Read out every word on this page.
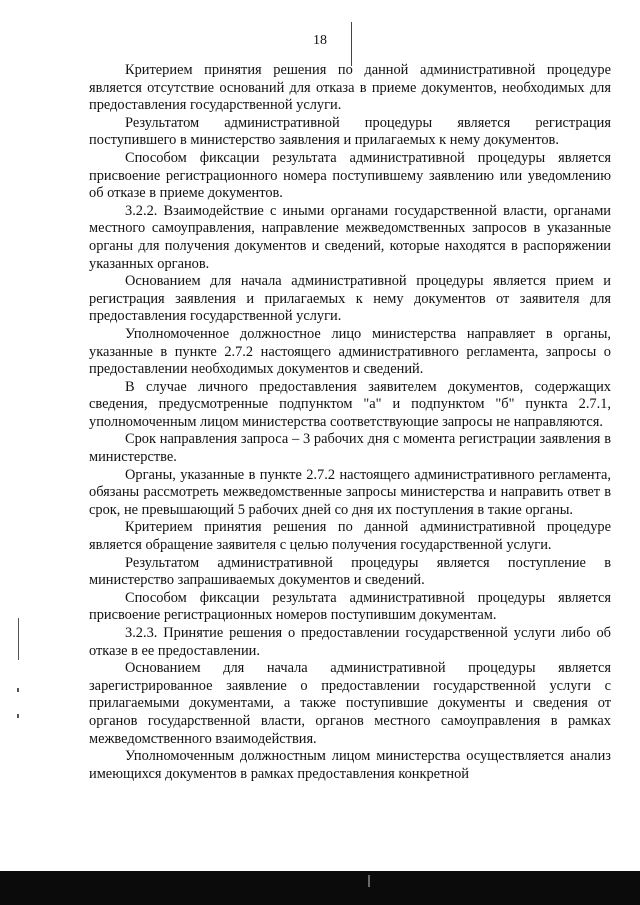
18

Критерием принятия решения по данной административной процедуре является отсутствие оснований для отказа в приеме документов, необходимых для предоставления государственной услуги.

Результатом административной процедуры является регистрация поступившего в министерство заявления и прилагаемых к нему документов.

Способом фиксации результата административной процедуры является присвоение регистрационного номера поступившему заявлению или уведомлению об отказе в приеме документов.

3.2.2. Взаимодействие с иными органами государственной власти, органами местного самоуправления, направление межведомственных запросов в указанные органы для получения документов и сведений, которые находятся в распоряжении указанных органов.

Основанием для начала административной процедуры является прием и регистрация заявления и прилагаемых к нему документов от заявителя для предоставления государственной услуги.

Уполномоченное должностное лицо министерства направляет в органы, указанные в пункте 2.7.2 настоящего административного регламента, запросы о предоставлении необходимых документов и сведений.

В случае личного предоставления заявителем документов, содержащих сведения, предусмотренные подпунктом "а" и подпунктом "б" пункта 2.7.1, уполномоченным лицом министерства соответствующие запросы не направляются.

Срок направления запроса – 3 рабочих дня с момента регистрации заявления в министерстве.

Органы, указанные в пункте 2.7.2 настоящего административного регламента, обязаны рассмотреть межведомственные запросы министерства и направить ответ в срок, не превышающий 5 рабочих дней со дня их поступления в такие органы.

Критерием принятия решения по данной административной процедуре является обращение заявителя с целью получения государственной услуги.

Результатом административной процедуры является поступление в министерство запрашиваемых документов и сведений.

Способом фиксации результата административной процедуры является присвоение регистрационных номеров поступившим документам.

3.2.3. Принятие решения о предоставлении государственной услуги либо об отказе в ее предоставлении.

Основанием для начала административной процедуры является зарегистрированное заявление о предоставлении государственной услуги с прилагаемыми документами, а также поступившие документы и сведения от органов государственной власти, органов местного самоуправления в рамках межведомственного взаимодействия.

Уполномоченным должностным лицом министерства осуществляется анализ имеющихся документов в рамках предоставления конкретной
